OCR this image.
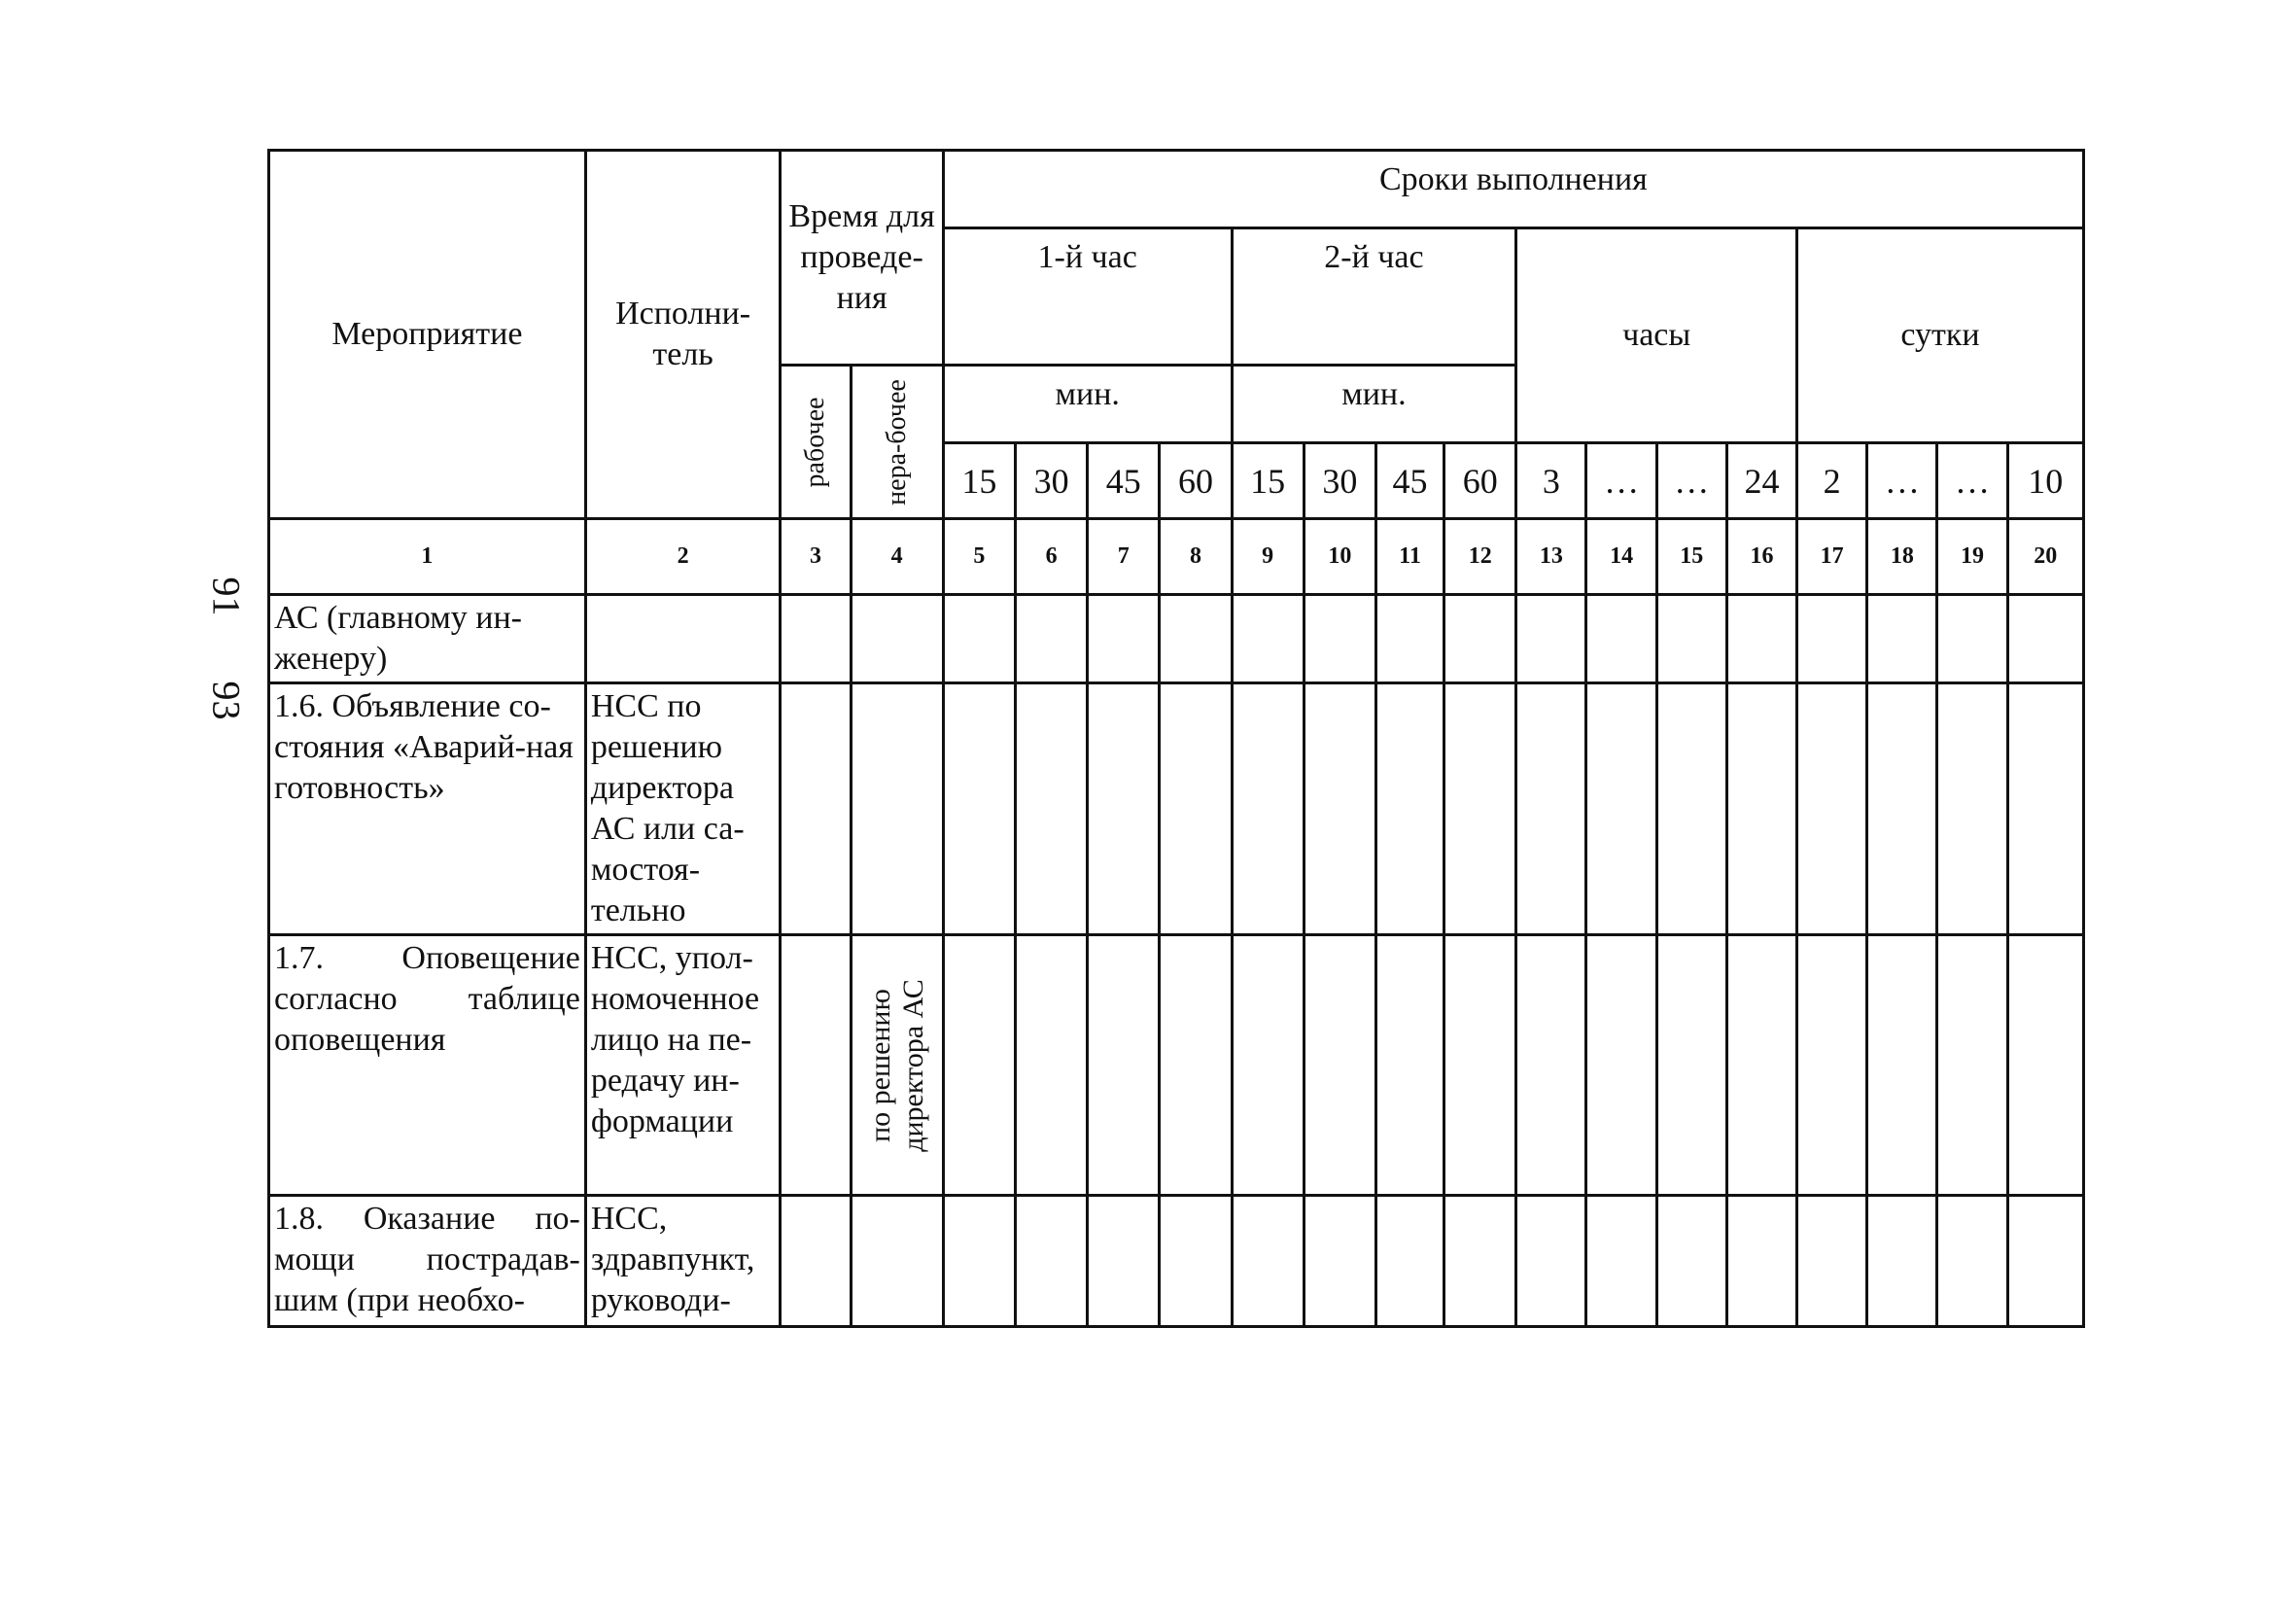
91
93
Мероприятие	Исполни-тель	Время для проведе-ния		Сроки выполнения															
				1-й час				2-й час				часы				сутки			

		рабочее	нера-бочее	мин.				мин.											
				15	30	45	60	15	30	45	60	3	…	…	24	2	…	…	10
1	2	3	4	5	6	7	8	9	10	11	12	13	14	15	16	17	18	19	20
АС (главному ин-женеру)																			
1.6. Объявление со-стояния «Аварий-ная готовность»	НСС по решению директора АС или са-мостоя-тельно																		
1.7. Оповещение согласно таблице оповещения	НСС, упол-номоченное лицо на пе-редачу ин-формации		по решению директора АС																

1.8. Оказание по-мощи пострадав-шим (при необхо-	НСС, здравпункт, руководи-																		
